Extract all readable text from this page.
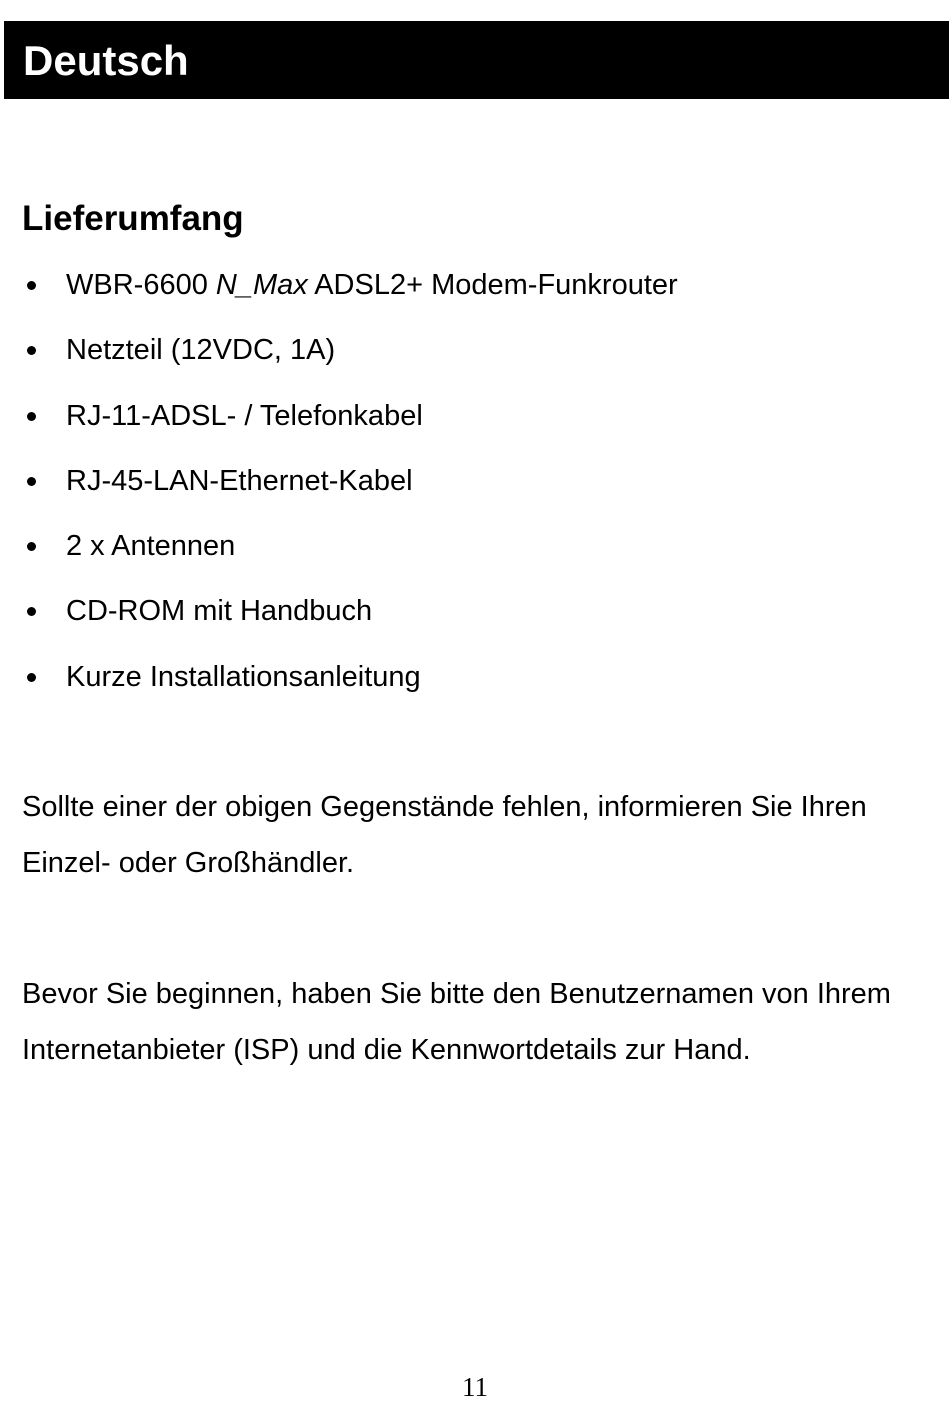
Deutsch
Lieferumfang
WBR-6600 N_Max ADSL2+ Modem-Funkrouter
Netzteil (12VDC, 1A)
RJ-11-ADSL- / Telefonkabel
RJ-45-LAN-Ethernet-Kabel
2 x Antennen
CD-ROM mit Handbuch
Kurze Installationsanleitung

Sollte einer der obigen Gegenstände fehlen, informieren Sie Ihren Einzel- oder Großhändler.

Bevor Sie beginnen, haben Sie bitte den Benutzernamen von Ihrem Internetanbieter (ISP) und die Kennwortdetails zur Hand.

11
